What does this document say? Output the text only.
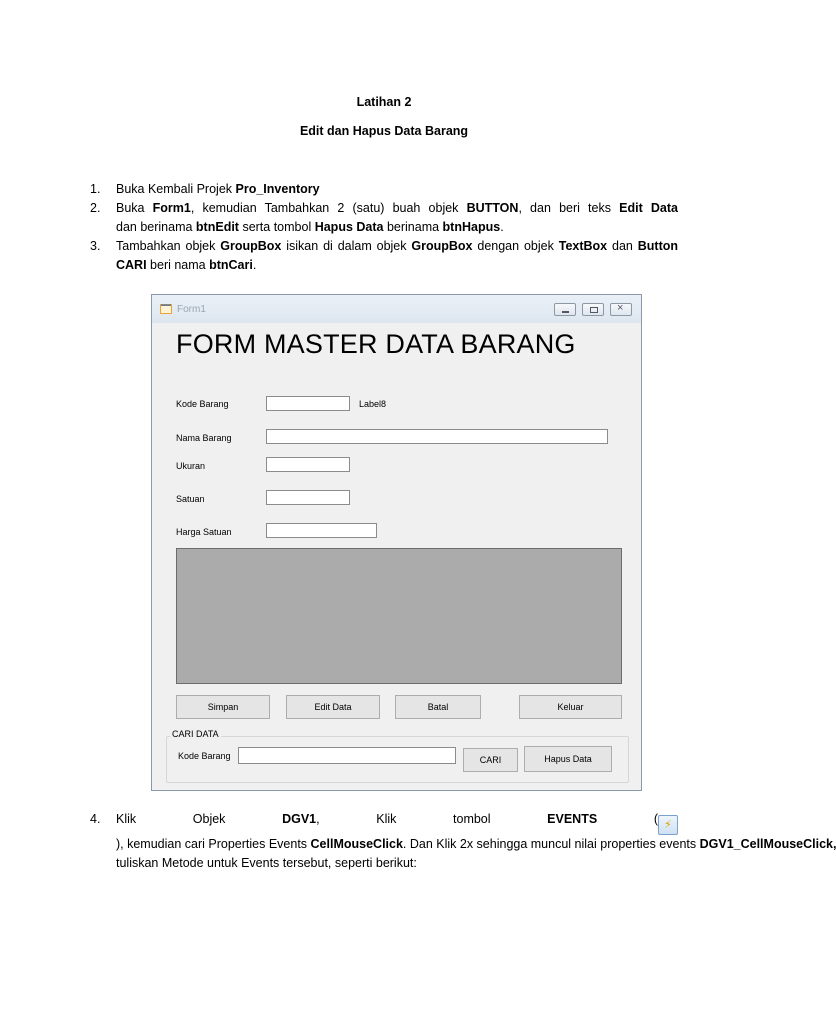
Latihan 2
Edit dan Hapus Data Barang
1. Buka Kembali Projek Pro_Inventory
2. Buka Form1, kemudian Tambahkan 2 (satu) buah objek BUTTON, dan beri teks Edit Data dan berinama btnEdit serta tombol Hapus Data berinama btnHapus.
3. Tambahkan objek GroupBox isikan di dalam objek GroupBox dengan objek TextBox dan Button CARI beri nama btnCari.
Form1
×
FORM MASTER DATA BARANG
Kode Barang	Label8
Nama Barang
Ukuran
Satuan
Harga Satuan
Simpan	Edit Data	Batal	Keluar
CARI DATA
Kode Barang	CARI	Hapus Data
4. Klik Objek DGV1, Klik tombol EVENTS ( ⚡), kemudian cari Properties Events CellMouseClick. Dan Klik 2x sehingga muncul nilai properties events DGV1_CellMouseClick, tuliskan Metode untuk Events tersebut, seperti berikut:
